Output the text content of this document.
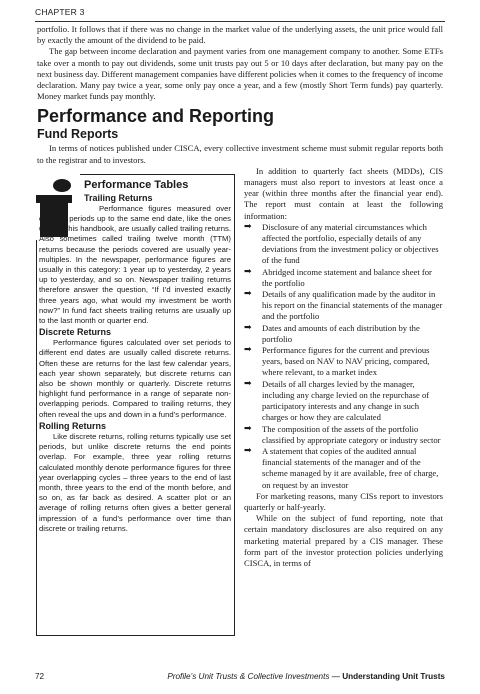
CHAPTER 3

portfolio. It follows that if there was no change in the market value of the underlying assets, the unit price would fall by exactly the amount of the dividend to be paid.

The gap between income declaration and payment varies from one management company to another. Some ETFs take over a month to pay out dividends, some unit trusts pay out 5 or 10 days after declaration, but many pay on the next business day. Different management companies have different policies when it comes to the frequency of income declaration. Many pay twice a year, some only pay once a year, and a few (mostly Short Term funds) pay quarterly. Money market funds pay monthly.

Performance and Reporting
Fund Reports

In terms of notices published under CISCA, every collective investment scheme must submit regular reports both to the registrar and to investors.

Performance Tables
Trailing Returns

Performance figures measured over different periods up to the same end date, like the ones used in this handbook, are usually called trailing returns. Also sometimes called trailing twelve month (TTM) returns because the periods covered are usually year-multiples. In the newspaper, performance figures are usually in this category: 1 year up to yesterday, 2 years up to yesterday, and so on. Newspaper trailing returns therefore answer the question, “If I’d invested exactly three years ago, what would my investment be worth now?” In fund fact sheets trailing returns are usually up to the last month or quarter end.

Discrete Returns

Performance figures calculated over set periods to different end dates are usually called discrete returns. Often these are returns for the last few calendar years, each year shown separately, but discrete returns can also be shown monthly or quarterly. Discrete returns highlight fund performance in a range of separate non-overlapping periods. Compared to trailing returns, they often reveal the ups and down in a fund’s performance.

Rolling Returns

Like discrete returns, rolling returns typically use set periods, but unlike discrete returns the end points overlap. For example, three year rolling returns calculated monthly denote performance figures for three year overlapping cycles – three years to the end of last month, three years to the end of the month before, and so on, as far back as desired. A scatter plot or an average of rolling returns often gives a better general impression of a fund’s performance over time than discrete or trailing returns.

In addition to quarterly fact sheets (MDDs), CIS managers must also report to investors at least once a year (within three months after the financial year end). The report must contain at least the following information:

➡ Disclosure of any material circumstances which affected the portfolio, especially details of any deviations from the investment policy or objectives of the fund
➡ Abridged income statement and balance sheet for the portfolio
➡ Details of any qualification made by the auditor in his report on the financial statements of the manager and the portfolio
➡ Dates and amounts of each distribution by the portfolio
➡ Performance figures for the current and previous years, based on NAV to NAV pricing, compared, where relevant, to a market index
➡ Details of all charges levied by the manager, including any charge levied on the repurchase of participatory interests and any change in such charges or how they are calculated
➡ The composition of the assets of the portfolio classified by appropriate category or industry sector
➡ A statement that copies of the audited annual financial statements of the manager and of the scheme managed by it are available, free of charge, on request by an investor

For marketing reasons, many CISs report to investors quarterly or half-yearly.

While on the subject of fund reporting, note that certain mandatory disclosures are also required on any marketing material prepared by a CIS manager. These form part of the investor protection policies underlying CISCA, in terms of

72	Profile’s Unit Trusts & Collective Investments — Understanding Unit Trusts
